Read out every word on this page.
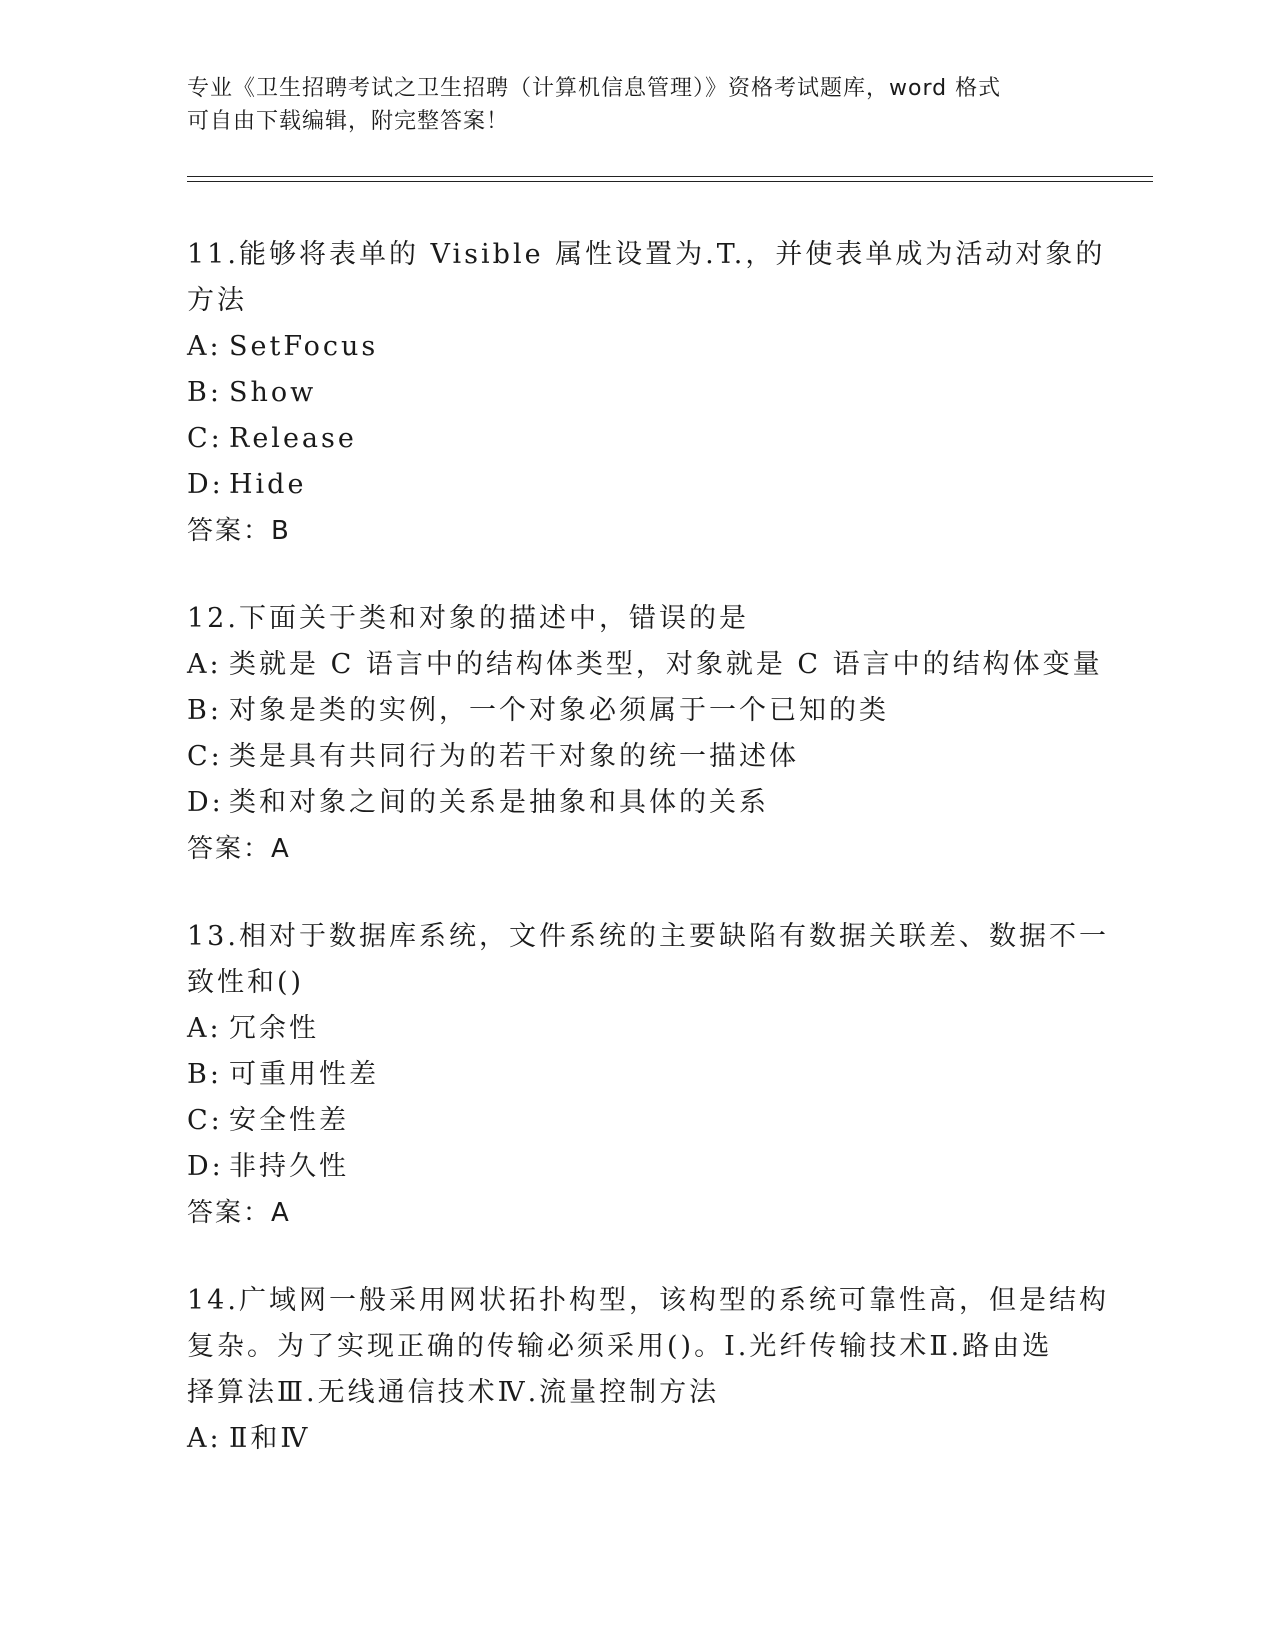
专业《卫生招聘考试之卫生招聘（计算机信息管理）》资格考试题库，word 格式
可自由下载编辑，附完整答案！
11.能够将表单的 Visible 属性设置为.T.，并使表单成为活动对象的
方法
A: SetFocus
B: Show
C: Release
D: Hide
答案：B
12.下面关于类和对象的描述中，错误的是
A: 类就是 C 语言中的结构体类型，对象就是 C 语言中的结构体变量
B: 对象是类的实例，一个对象必须属于一个已知的类
C: 类是具有共同行为的若干对象的统一描述体
D: 类和对象之间的关系是抽象和具体的关系
答案：A
13.相对于数据库系统，文件系统的主要缺陷有数据关联差、数据不一
致性和()
A: 冗余性
B: 可重用性差
C: 安全性差
D: 非持久性
答案：A
14.广域网一般采用网状拓扑构型，该构型的系统可靠性高，但是结构
复杂。为了实现正确的传输必须采用()。Ⅰ.光纤传输技术Ⅱ.路由选
择算法Ⅲ.无线通信技术Ⅳ.流量控制方法
A: Ⅱ和Ⅳ
